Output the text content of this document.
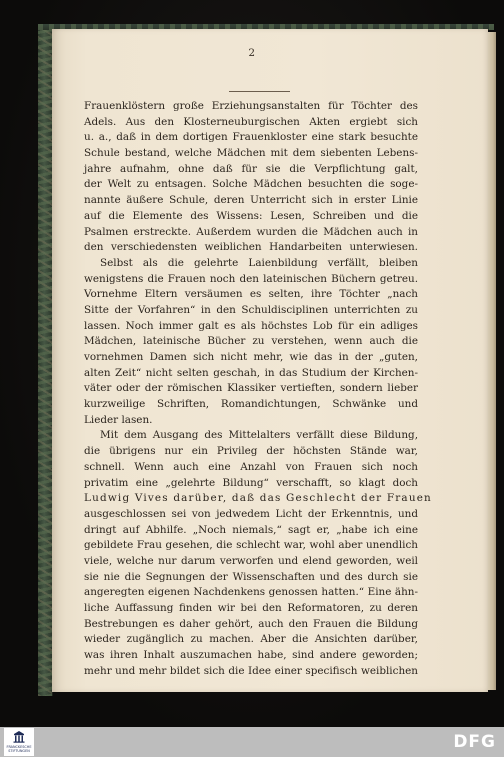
2
Frauenklöstern große Erziehungsanstalten für Töchter des
Adels. Aus den Klosterneuburgischen Akten ergiebt sich
u. a., daß in dem dortigen Frauenkloster eine stark besuchte
Schule bestand, welche Mädchen mit dem siebenten Lebens-
jahre aufnahm, ohne daß für sie die Verpflichtung galt,
der Welt zu entsagen. Solche Mädchen besuchten die soge-
nannte äußere Schule, deren Unterricht sich in erster Linie
auf die Elemente des Wissens: Lesen, Schreiben und die
Psalmen erstreckte. Außerdem wurden die Mädchen auch in
den verschiedensten weiblichen Handarbeiten unterwiesen.
Selbst als die gelehrte Laienbildung verfällt, bleiben
wenigstens die Frauen noch den lateinischen Büchern getreu.
Vornehme Eltern versäumen es selten, ihre Töchter „nach
Sitte der Vorfahren“ in den Schuldisciplinen unterrichten zu
lassen. Noch immer galt es als höchstes Lob für ein adliges
Mädchen, lateinische Bücher zu verstehen, wenn auch die
vornehmen Damen sich nicht mehr, wie das in der „guten,
alten Zeit“ nicht selten geschah, in das Studium der Kirchen-
väter oder der römischen Klassiker vertieften, sondern lieber
kurzweilige Schriften, Romandichtungen, Schwänke und
Lieder lasen.
Mit dem Ausgang des Mittelalters verfällt diese Bildung,
die übrigens nur ein Privileg der höchsten Stände war,
schnell. Wenn auch eine Anzahl von Frauen sich noch
privatim eine „gelehrte Bildung“ verschafft, so klagt doch
Ludwig Vives darüber, daß das Geschlecht der Frauen
ausgeschlossen sei von jedwedem Licht der Erkenntnis, und
dringt auf Abhilfe. „Noch niemals,“ sagt er, „habe ich eine
gebildete Frau gesehen, die schlecht war, wohl aber unendlich
viele, welche nur darum verworfen und elend geworden, weil
sie nie die Segnungen der Wissenschaften und des durch sie
angeregten eigenen Nachdenkens genossen hatten.“ Eine ähn-
liche Auffassung finden wir bei den Reformatoren, zu deren
Bestrebungen es daher gehört, auch den Frauen die Bildung
wieder zugänglich zu machen. Aber die Ansichten darüber,
was ihren Inhalt auszumachen habe, sind andere geworden;
mehr und mehr bildet sich die Idee einer specifisch weiblichen
FRANCKESCHE STIFTUNGEN	DFG
